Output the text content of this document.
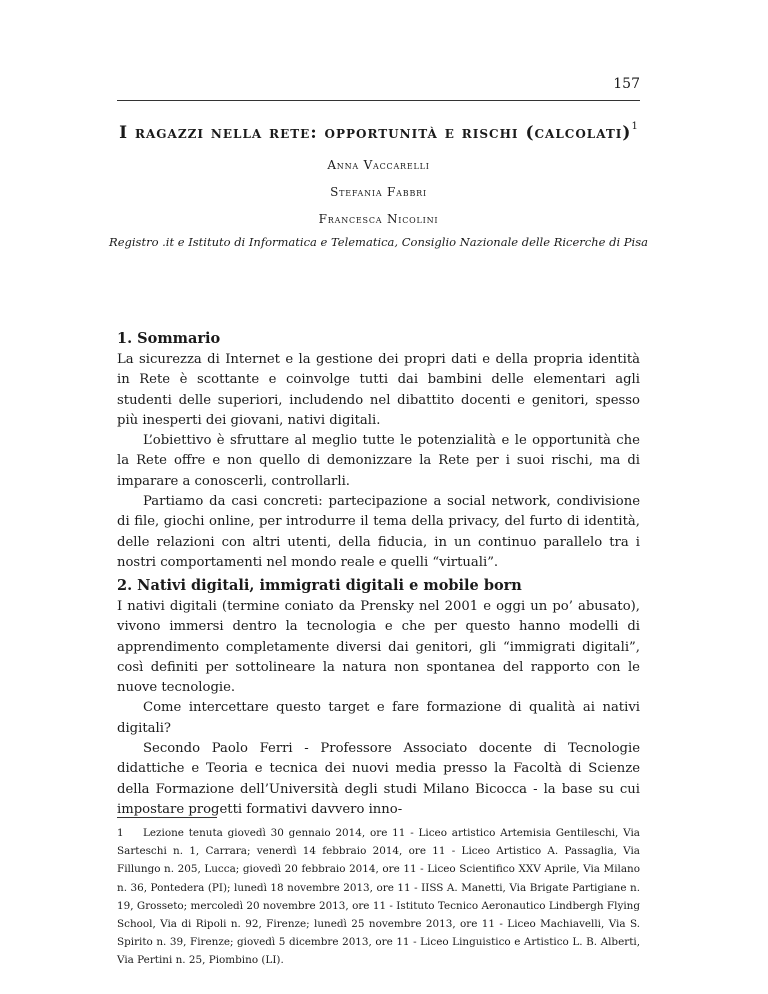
157

I ragazzi nella rete: opportunità e rischi (calcolati)$^1$

Anna Vaccarelli

Stefania Fabbri

Francesca Nicolini

Registro .it e Istituto di Informatica e Telematica, Consiglio Nazionale delle Ricerche di Pisa

1. Sommario

La sicurezza di Internet e la gestione dei propri dati e della propria identità in Rete è scottante e coinvolge tutti dai bambini delle elementari agli studenti delle superiori, includendo nel dibattito docenti e genitori, spesso più inesperti dei giovani, nativi digitali.

L’obiettivo è sfruttare al meglio tutte le potenzialità e le opportunità che la Rete offre e non quello di demonizzare la Rete per i suoi rischi, ma di imparare a conoscerli, controllarli.

Partiamo da casi concreti: partecipazione a social network, condivisione di file, giochi online, per introdurre il tema della privacy, del furto di identità, delle relazioni con altri utenti, della fiducia, in un continuo parallelo tra i nostri comportamenti nel mondo reale e quelli “virtuali”.

2. Nativi digitali, immigrati digitali e mobile born

I nativi digitali (termine coniato da Prensky nel 2001 e oggi un po’ abusato), vivono immersi dentro la tecnologia e che per questo hanno modelli di apprendimento completamente diversi dai genitori, gli “immigrati digitali”, così definiti per sottolineare la natura non spontanea del rapporto con le nuove tecnologie.

Come intercettare questo target e fare formazione di qualità ai nativi digitali?

Secondo Paolo Ferri - Professore Associato docente di Tecnologie didattiche e Teoria e tecnica dei nuovi media presso la Facoltà di Scienze della Formazione dell’Università degli studi Milano Bicocca - la base su cui impostare progetti formativi davvero inno-

1 Lezione tenuta giovedì 30 gennaio 2014, ore 11 - Liceo artistico Artemisia Gentileschi, Via Sarteschi n. 1, Carrara; venerdì 14 febbraio 2014, ore 11 - Liceo Artistico A. Passaglia, Via Fillungo n. 205, Lucca; giovedì 20 febbraio 2014, ore 11 - Liceo Scientifico XXV Aprile, Via Milano n. 36, Pontedera (PI); lunedì 18 novembre 2013, ore 11 - IISS A. Manetti, Via Brigate Partigiane n. 19, Grosseto; mercoledì 20 novembre 2013, ore 11 - Istituto Tecnico Aeronautico Lindbergh Flying School, Via di Ripoli n. 92, Firenze; lunedì 25 novembre 2013, ore 11 - Liceo Machiavelli, Via S. Spirito n. 39, Firenze; giovedì 5 dicembre 2013, ore 11 - Liceo Linguistico e Artistico L. B. Alberti, Via Pertini n. 25, Piombino (LI).
